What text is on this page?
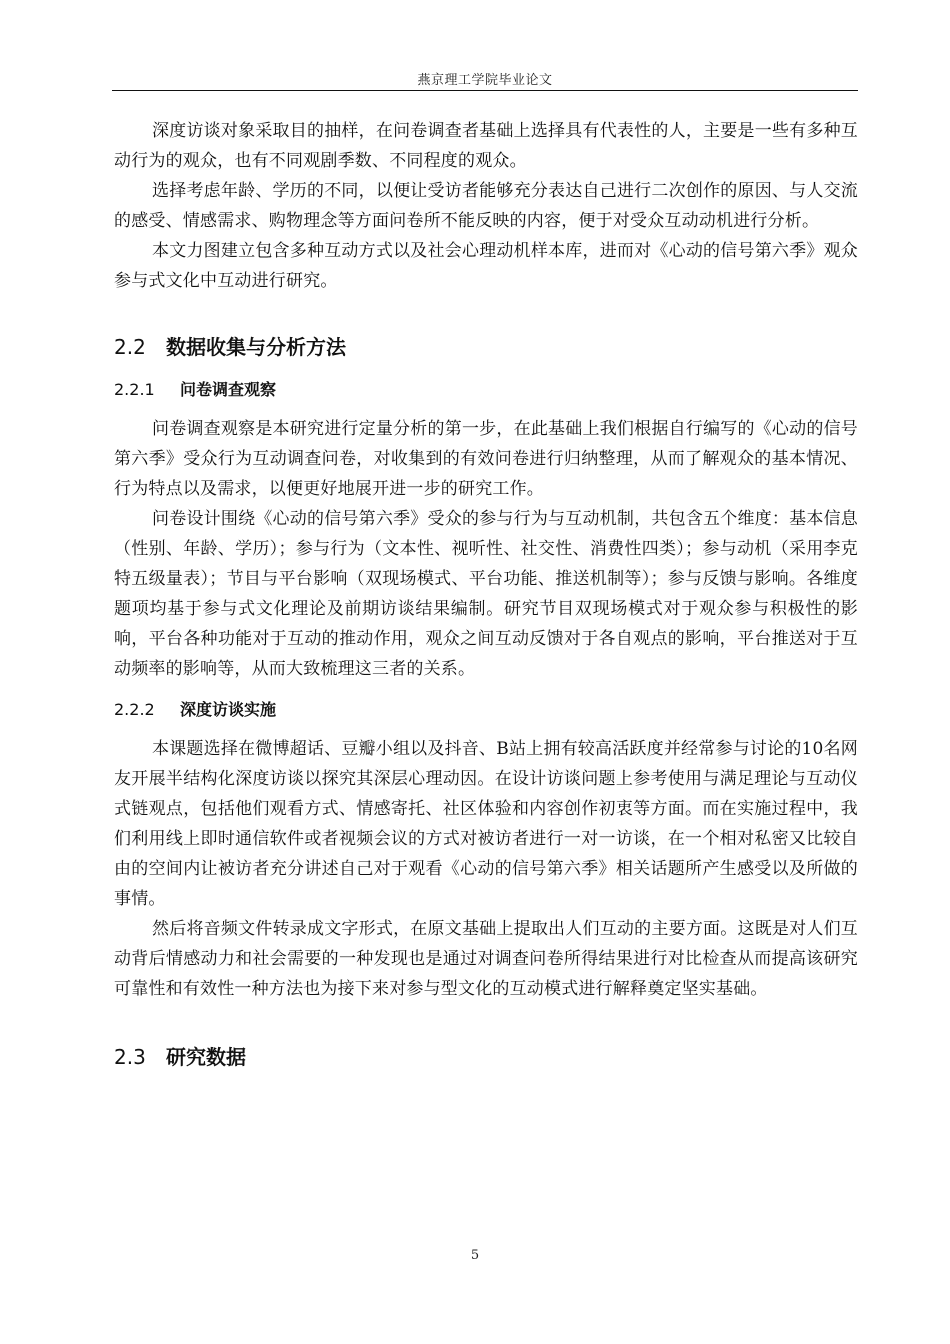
燕京理工学院毕业论文

深度访谈对象采取目的抽样，在问卷调查者基础上选择具有代表性的人，主要是一些有多种互动行为的观众，也有不同观剧季数、不同程度的观众。

选择考虑年龄、学历的不同，以便让受访者能够充分表达自己进行二次创作的原因、与人交流的感受、情感需求、购物理念等方面问卷所不能反映的内容，便于对受众互动动机进行分析。

本文力图建立包含多种互动方式以及社会心理动机样本库，进而对《心动的信号第六季》观众参与式文化中互动进行研究。

2.2 数据收集与分析方法
2.2.1 问卷调查观察

问卷调查观察是本研究进行定量分析的第一步，在此基础上我们根据自行编写的《心动的信号第六季》受众行为互动调查问卷，对收集到的有效问卷进行归纳整理，从而了解观众的基本情况、行为特点以及需求，以便更好地展开进一步的研究工作。

问卷设计围绕《心动的信号第六季》受众的参与行为与互动机制，共包含五个维度：基本信息（性别、年龄、学历）；参与行为（文本性、视听性、社交性、消费性四类）；参与动机（采用李克特五级量表）；节目与平台影响（双现场模式、平台功能、推送机制等）；参与反馈与影响。各维度题项均基于参与式文化理论及前期访谈结果编制。研究节目双现场模式对于观众参与积极性的影响，平台各种功能对于互动的推动作用，观众之间互动反馈对于各自观点的影响，平台推送对于互动频率的影响等，从而大致梳理这三者的关系。

2.2.2 深度访谈实施

本课题选择在微博超话、豆瓣小组以及抖音、B站上拥有较高活跃度并经常参与讨论的10名网友开展半结构化深度访谈以探究其深层心理动因。在设计访谈问题上参考使用与满足理论与互动仪式链观点，包括他们观看方式、情感寄托、社区体验和内容创作初衷等方面。而在实施过程中，我们利用线上即时通信软件或者视频会议的方式对被访者进行一对一访谈，在一个相对私密又比较自由的空间内让被访者充分讲述自己对于观看《心动的信号第六季》相关话题所产生感受以及所做的事情。

然后将音频文件转录成文字形式，在原文基础上提取出人们互动的主要方面。这既是对人们互动背后情感动力和社会需要的一种发现也是通过对调查问卷所得结果进行对比检查从而提高该研究可靠性和有效性一种方法也为接下来对参与型文化的互动模式进行解释奠定坚实基础。

2.3 研究数据
5
